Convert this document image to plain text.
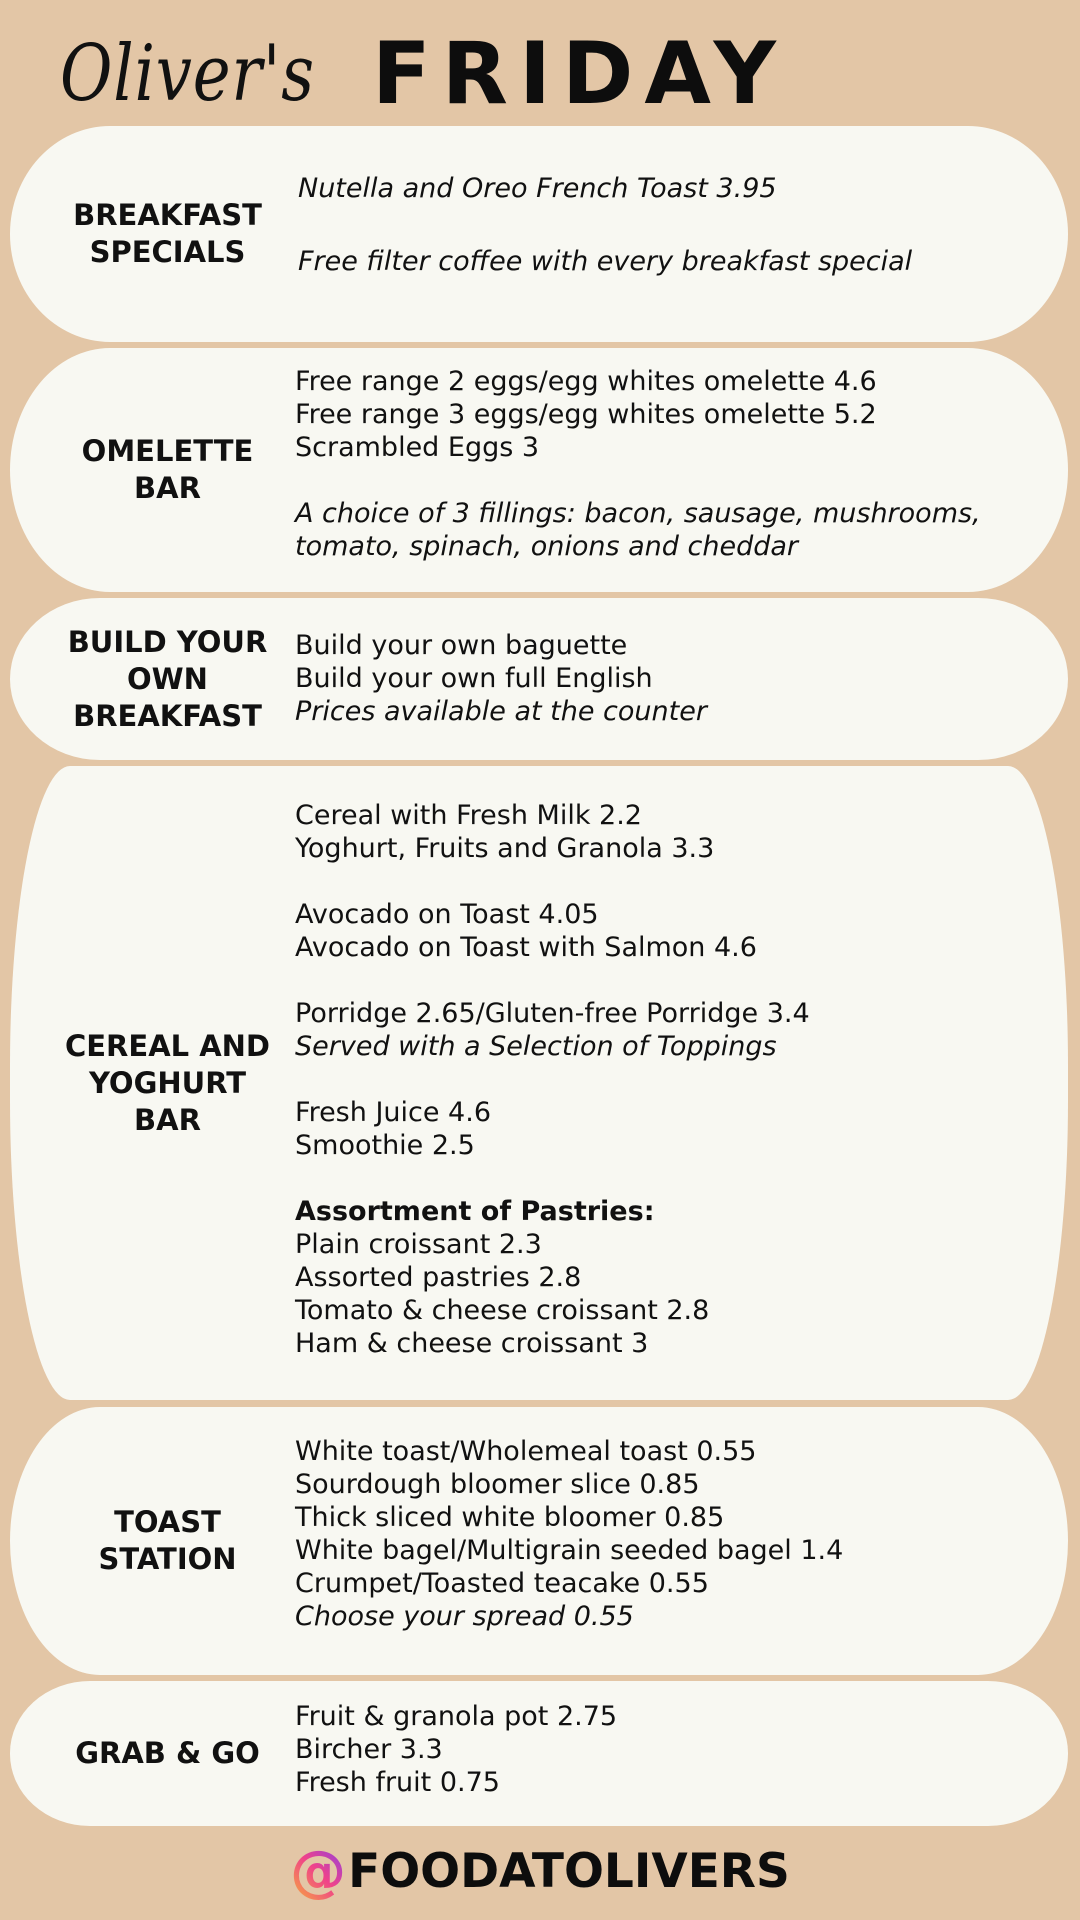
Oliver's FRIDAY
BREAKFAST
SPECIALS
Nutella and Oreo French Toast 3.95
Free filter coffee with every breakfast special
OMELETTE
BAR
Free range 2 eggs/egg whites omelette 4.6
Free range 3 eggs/egg whites omelette 5.2
Scrambled Eggs 3
A choice of 3 fillings: bacon, sausage, mushrooms,
tomato, spinach, onions and cheddar
BUILD YOUR
OWN
BREAKFAST
Build your own baguette
Build your own full English
Prices available at the counter
CEREAL AND
YOGHURT
BAR
Cereal with Fresh Milk 2.2
Yoghurt, Fruits and Granola 3.3
Avocado on Toast 4.05
Avocado on Toast with Salmon 4.6
Porridge 2.65/Gluten-free Porridge 3.4
Served with a Selection of Toppings
Fresh Juice 4.6
Smoothie 2.5
Assortment of Pastries:
Plain croissant 2.3
Assorted pastries 2.8
Tomato & cheese croissant 2.8
Ham & cheese croissant 3
TOAST
STATION
White toast/Wholemeal toast 0.55
Sourdough bloomer slice 0.85
Thick sliced white bloomer 0.85
White bagel/Multigrain seeded bagel 1.4
Crumpet/Toasted teacake 0.55
Choose your spread 0.55
GRAB & GO
Fruit & granola pot 2.75
Bircher 3.3
Fresh fruit 0.75
@ FOODATOLIVERS
